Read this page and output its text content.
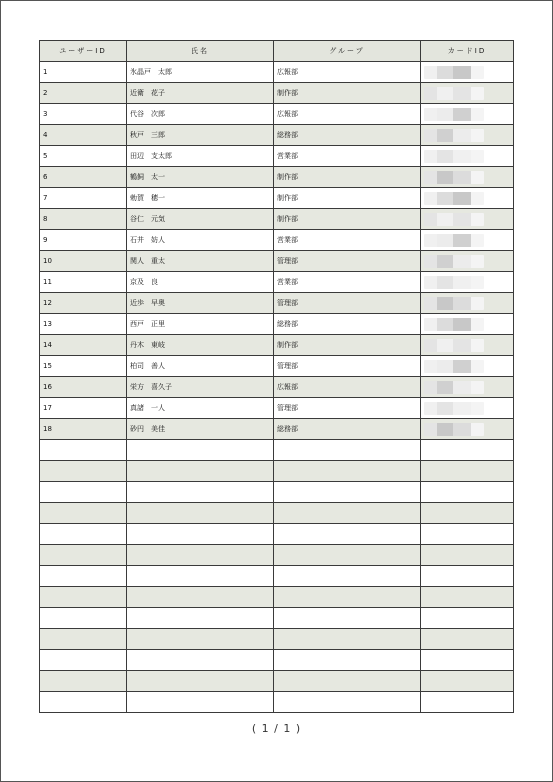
ユーザーID	氏名	グループ	カードID
1	氷晶戸　太郎	広報部	

2	近衛　花子	制作部	

3	代谷　次郎	広報部	

4	秋戸　三郎	総務部	

5	田辺　支太郎	営業部	

6	鶴飼　太一	制作部	

7	勅賀　穂一	制作部	

8	谷仁　元気	制作部	

9	石井　妨人	営業部	

10	関人　重太	管理部	

11	京及　良	営業部	

12	近歩　早奥	管理部	

13	西戸　正里	総務部	

14	丹木　東岐	制作部	

15	柏司　善人	管理部	

16	栄方　喜久子	広報部	

17	真諸　一人	管理部	

18	砂円　美佳	総務部	

( 1 / 1 )
